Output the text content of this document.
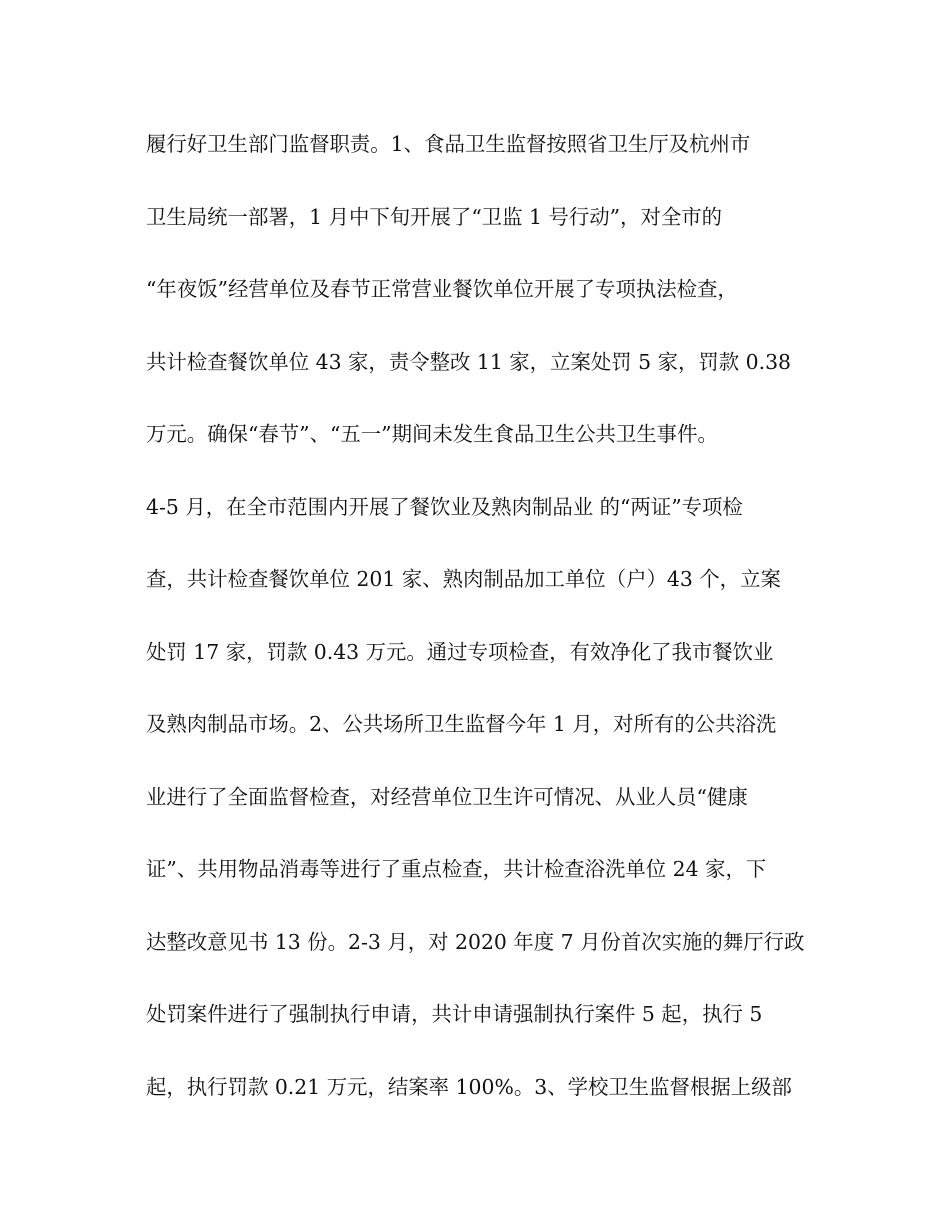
履行好卫生部门监督职责。1、食品卫生监督按照省卫生厅及杭州市
卫生局统一部署，1 月中下旬开展了“卫监 1 号行动”，对全市的
“年夜饭”经营单位及春节正常营业餐饮单位开展了专项执法检查，
共计检查餐饮单位 43 家，责令整改 11 家，立案处罚 5 家，罚款 0.38
万元。确保“春节”、“五一”期间未发生食品卫生公共卫生事件。
4-5 月，在全市范围内开展了餐饮业及熟肉制品业 的“两证”专项检
查，共计检查餐饮单位 201 家、熟肉制品加工单位（户）43 个，立案
处罚 17 家，罚款 0.43 万元。通过专项检查，有效净化了我市餐饮业
及熟肉制品市场。2、公共场所卫生监督今年 1 月，对所有的公共浴洗
业进行了全面监督检查，对经营单位卫生许可情况、从业人员“健康
证”、共用物品消毒等进行了重点检查，共计检查浴洗单位 24 家，下
达整改意见书 13 份。2-3 月，对 2020 年度 7 月份首次实施的舞厅行政
处罚案件进行了强制执行申请，共计申请强制执行案件 5 起，执行 5
起，执行罚款 0.21 万元，结案率 100%。3、学校卫生监督根据上级部
